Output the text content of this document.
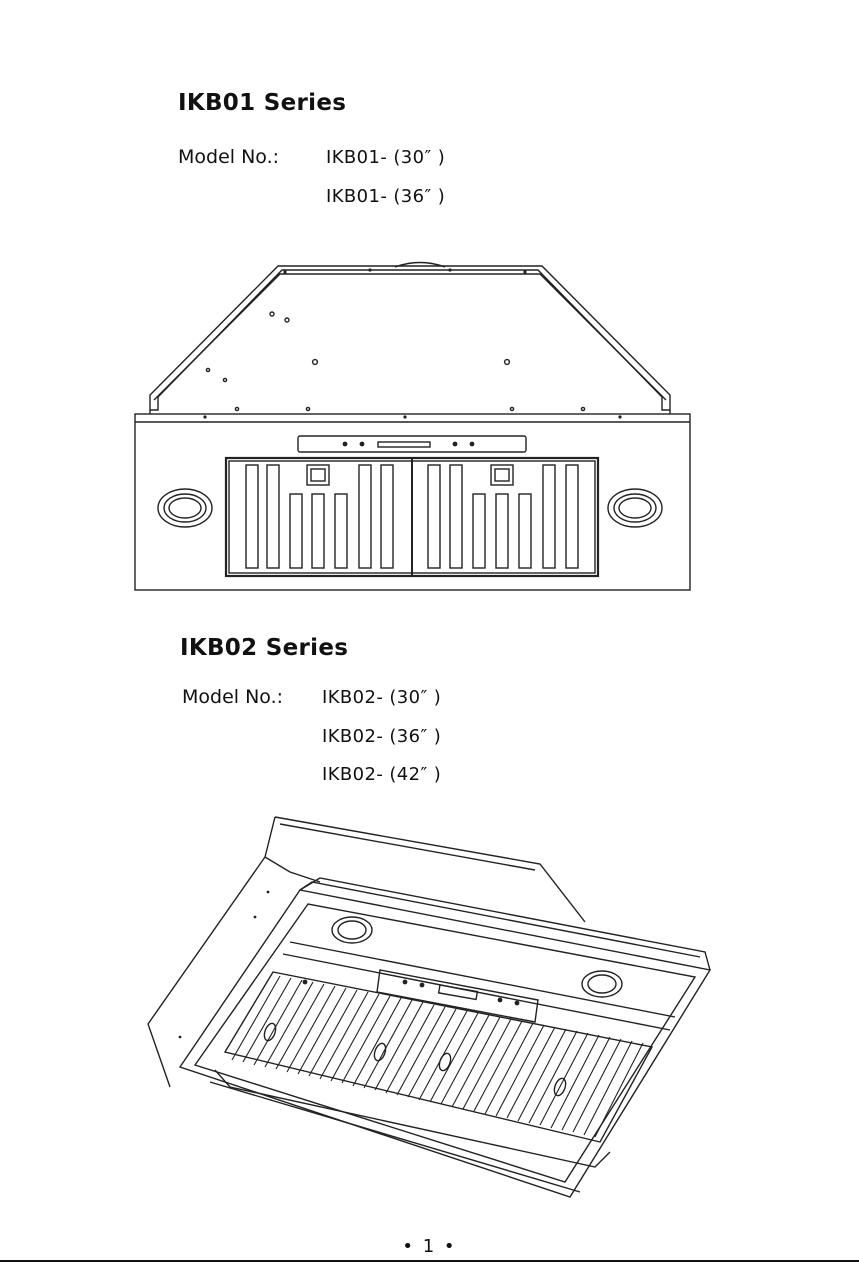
IKB01 Series
Model No.:	IKB01- (30″ )
IKB01- (36″ )
IKB02 Series
Model No.: IKB02- (30″ )
IKB02- (36″ )
IKB02- (42″ )
• 1 •
